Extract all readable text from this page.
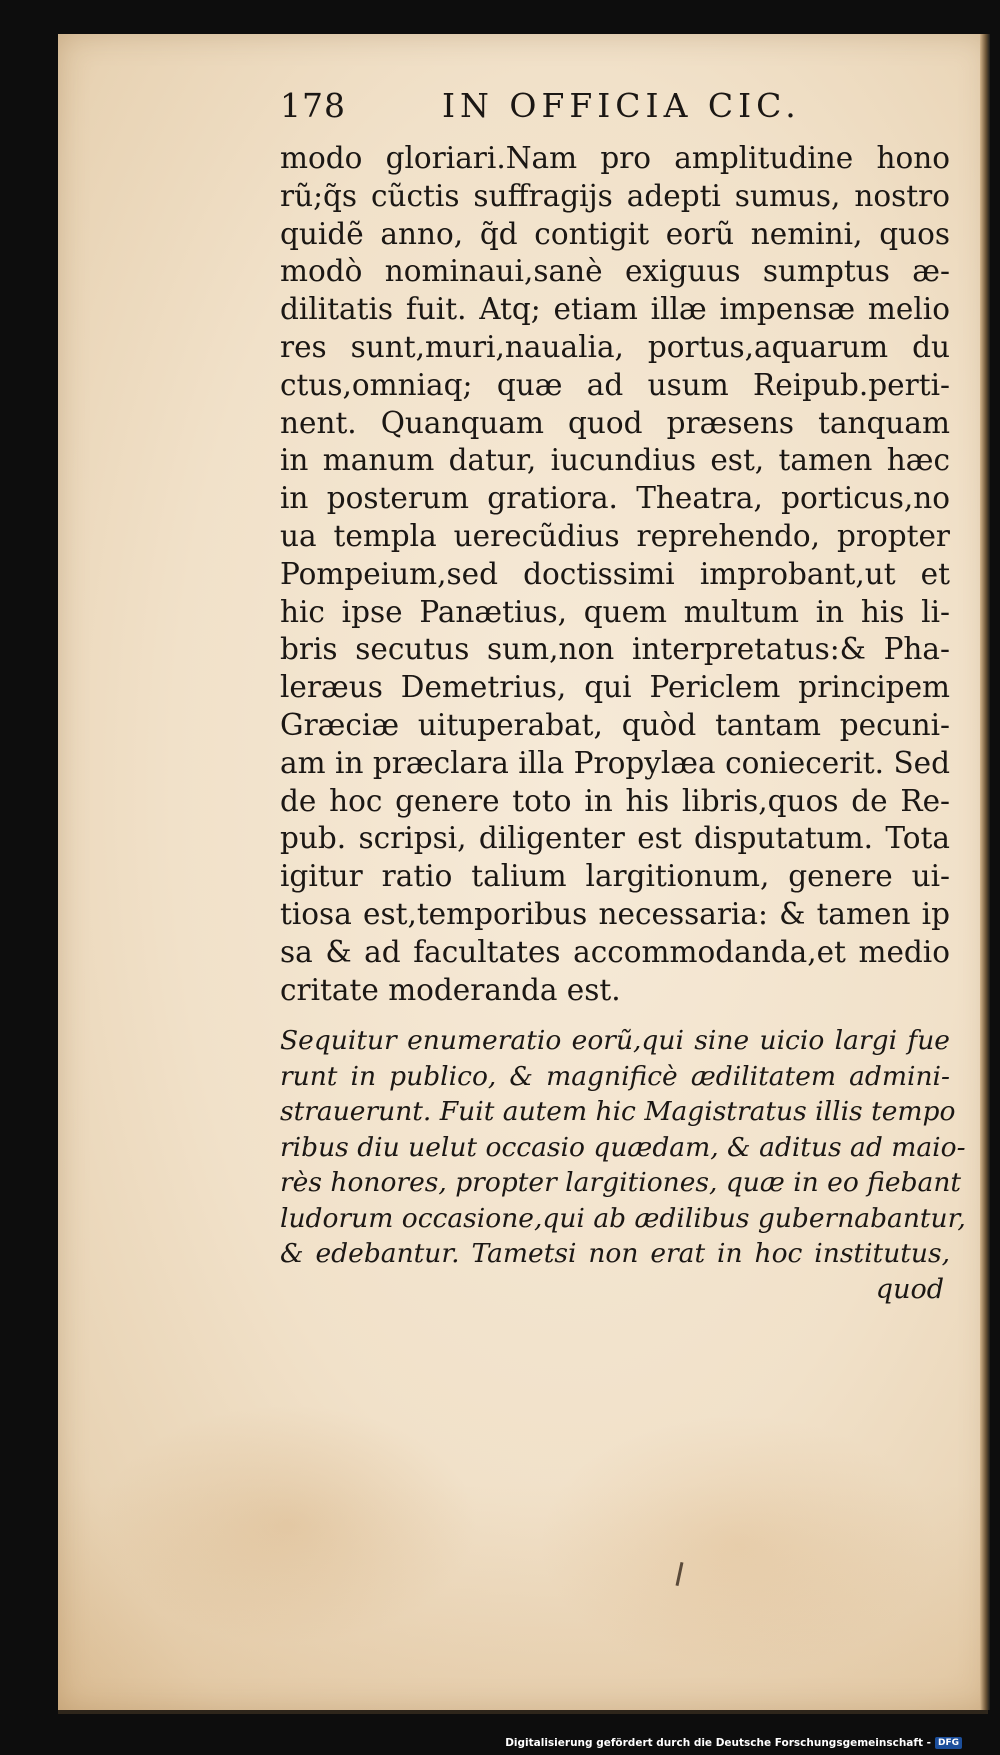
178	IN OFFICIA CIC.
modo gloriari.Nam pro amplitudine hono
rũ;q̃s cũctis suffragijs adepti sumus, nostro
quidẽ anno, q̃d contigit eorũ nemini, quos
modò nominaui,sanè exiguus sumptus æ-
dilitatis fuit. Atq; etiam illæ impensæ melio
res sunt,muri,naualia, portus,aquarum du
ctus,omniaq; quæ ad usum Reipub.perti-
nent. Quanquam quod præsens tanquam
in manum datur, iucundius est, tamen hæc
in posterum gratiora. Theatra, porticus,no
ua templa uerecũdius reprehendo, propter
Pompeium,sed doctissimi improbant,ut et
hic ipse Panætius, quem multum in his li-
bris secutus sum,non interpretatus:& Pha-
leræus Demetrius, qui Periclem principem
Græciæ uituperabat, quòd tantam pecuni-
am in præclara illa Propylæa coniecerit. Sed
de hoc genere toto in his libris,quos de Re-
pub. scripsi, diligenter est disputatum. Tota
igitur ratio talium largitionum, genere ui-
tiosa est,temporibus necessaria: & tamen ip
sa & ad facultates accommodanda,et medio
critate moderanda est.
Sequitur enumeratio eorũ,qui sine uicio largi fue
runt in publico, & magnificè ædilitatem admini-
strauerunt. Fuit autem hic Magistratus illis tempo
ribus diu uelut occasio quædam, & aditus ad maio-
rès honores, propter largitiones, quæ in eo fiebant
ludorum occasione,qui ab ædilibus gubernabantur,
& edebantur. Tametsi non erat in hoc institutus,
quod
Digitalisierung gefördert durch die Deutsche Forschungsgemeinschaft - DFG
